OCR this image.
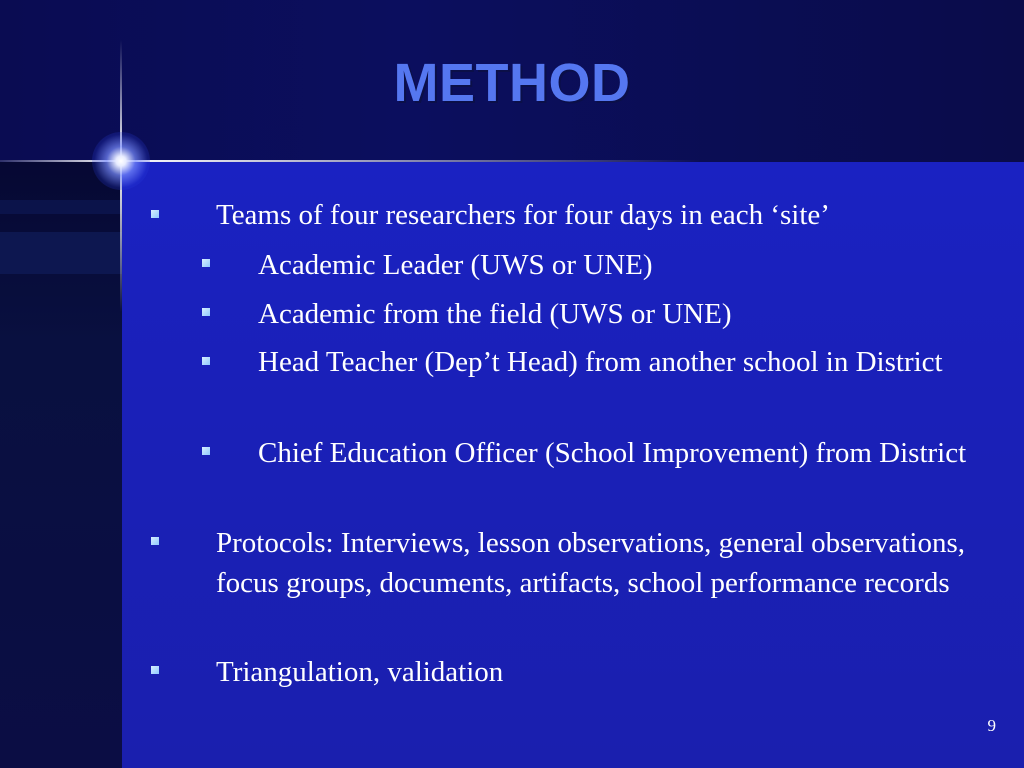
METHOD
Teams of four researchers for four days in each ‘site’
Academic Leader (UWS or UNE)
Academic from the field (UWS or UNE)
Head Teacher (Dep’t Head) from another school in District
Chief Education Officer (School Improvement) from District
Protocols: Interviews, lesson observations, general observations, focus groups, documents, artifacts, school performance records
Triangulation, validation
9
